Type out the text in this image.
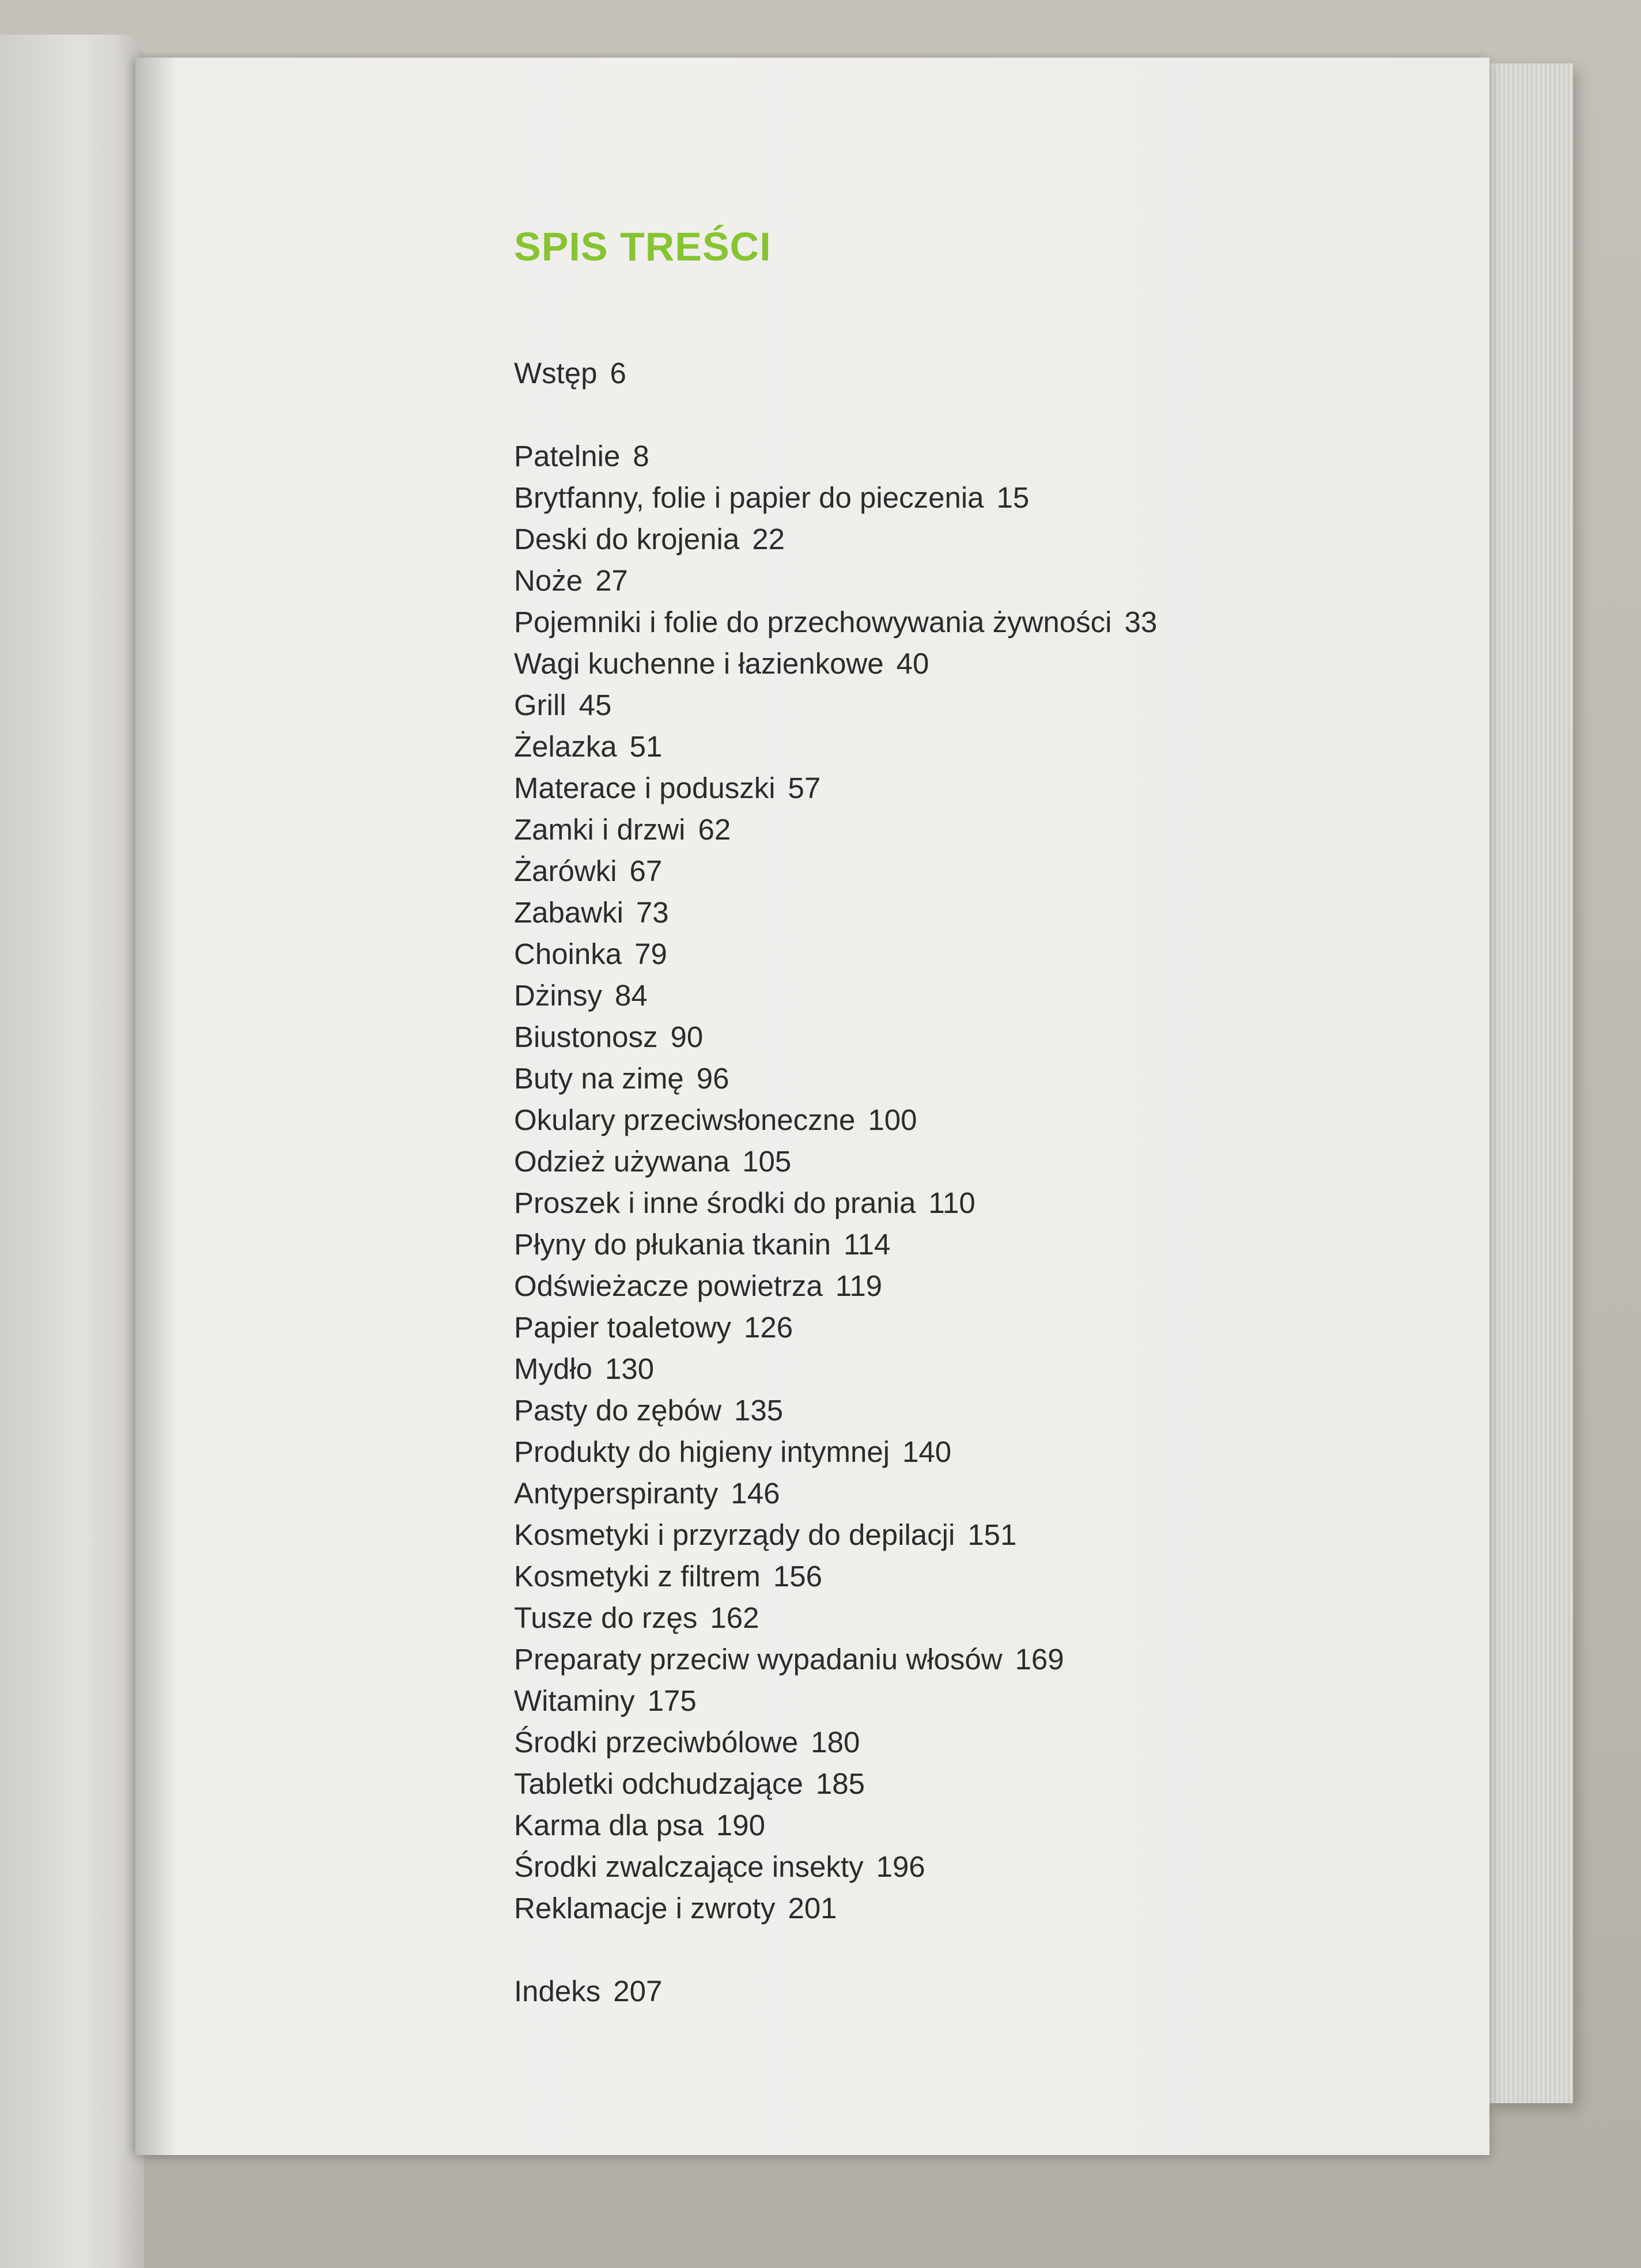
SPIS TREŚCI
Wstęp 6
Patelnie 8
Brytfanny, folie i papier do pieczenia 15
Deski do krojenia 22
Noże 27
Pojemniki i folie do przechowywania żywności 33
Wagi kuchenne i łazienkowe 40
Grill 45
Żelazka 51
Materace i poduszki 57
Zamki i drzwi 62
Żarówki 67
Zabawki 73
Choinka 79
Dżinsy 84
Biustonosz 90
Buty na zimę 96
Okulary przeciwsłoneczne 100
Odzież używana 105
Proszek i inne środki do prania 110
Płyny do płukania tkanin 114
Odświeżacze powietrza 119
Papier toaletowy 126
Mydło 130
Pasty do zębów 135
Produkty do higieny intymnej 140
Antyperspiranty 146
Kosmetyki i przyrządy do depilacji 151
Kosmetyki z filtrem 156
Tusze do rzęs 162
Preparaty przeciw wypadaniu włosów 169
Witaminy 175
Środki przeciwbólowe 180
Tabletki odchudzające 185
Karma dla psa 190
Środki zwalczające insekty 196
Reklamacje i zwroty 201
Indeks 207
